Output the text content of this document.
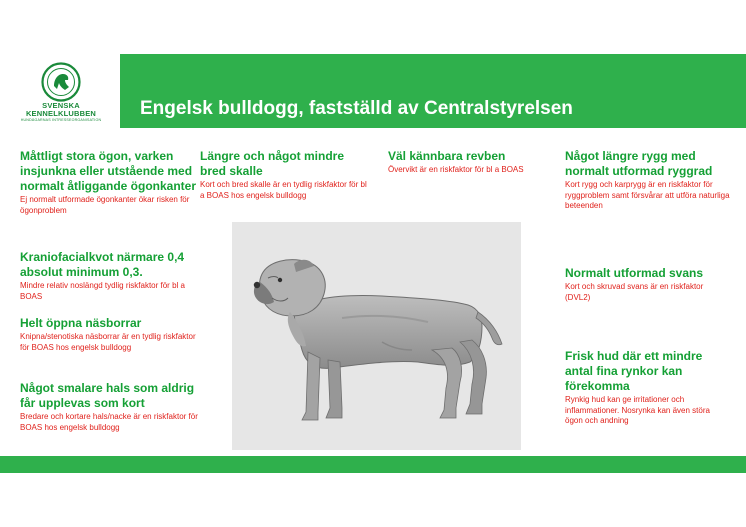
SVENSKA
KENNELKLUBBEN
HUNDÄGARNAS INTRESSEORGANISATION
Engelsk bulldogg, fastställd av Centralstyrelsen

Måttligt stora ögon, varken insjunkna eller utstående med normalt åtliggande ögonkanter

Ej normalt utformade ögonkanter ökar risken för ögonproblem

Kraniofacialkvot närmare 0,4 absolut minimum 0,3.

Mindre relativ noslängd tydlig riskfaktor för bl a BOAS

Helt öppna näsborrar

Knipna/stenotiska näsborrar är en tydlig riskfaktor för BOAS hos engelsk bulldogg

Något smalare hals som aldrig får upplevas som kort

Bredare och kortare hals/nacke är en riskfaktor för BOAS hos engelsk bulldogg

Längre och något mindre bred skalle

Kort och bred skalle är en tydlig riskfaktor för bl a BOAS hos engelsk bulldogg

Väl kännbara revben

Övervikt är en riskfaktor för bl a BOAS

Något längre rygg med normalt utformad ryggrad

Kort rygg och karprygg är en riskfaktor för ryggproblem samt försvårar att utföra naturliga beteenden

Normalt utformad svans

Kort och skruvad svans är en riskfaktor (DVL2)

Frisk hud där ett mindre antal fina rynkor kan förekomma

Rynkig hud kan ge irritationer och inflammationer. Nosrynka kan även störa ögon och andning
